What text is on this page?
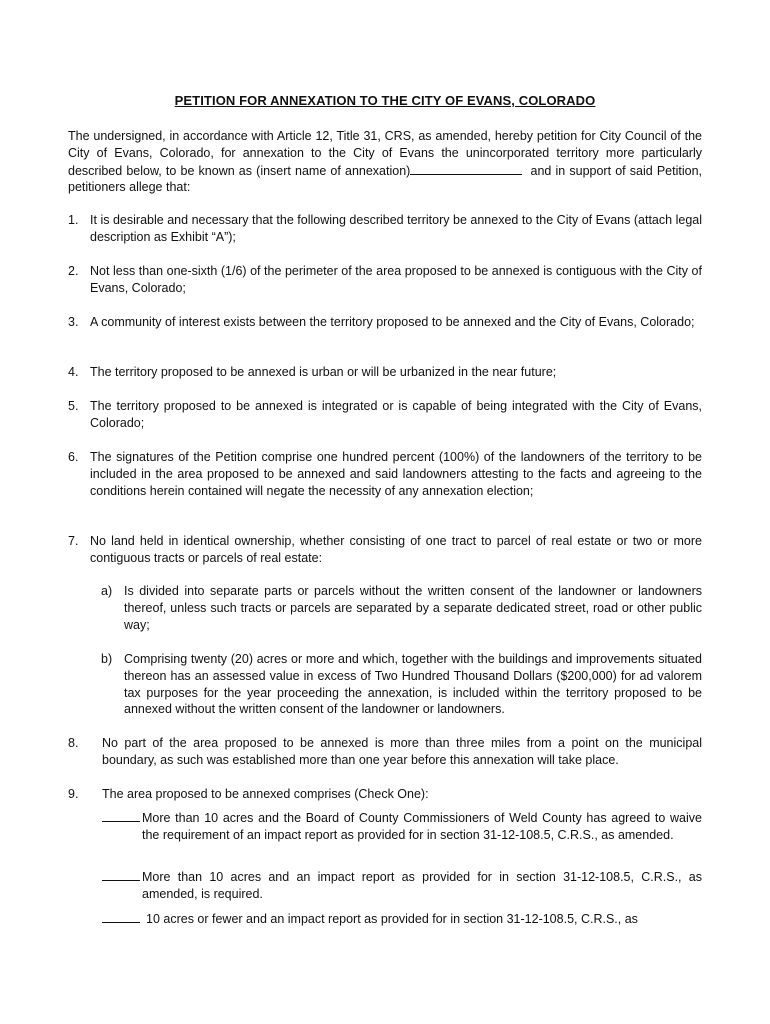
PETITION FOR ANNEXATION TO THE CITY OF EVANS, COLORADO
The undersigned, in accordance with Article 12, Title 31, CRS, as amended, hereby petition for City Council of the City of Evans, Colorado, for annexation to the City of Evans the unincorporated territory more particularly described below, to be known as (insert name of annexation)	and in support of said Petition, petitioners allege that:
1. It is desirable and necessary that the following described territory be annexed to the City of Evans (attach legal description as Exhibit “A”);
2. Not less than one-sixth (1/6) of the perimeter of the area proposed to be annexed is contiguous with the City of Evans, Colorado;
3. A community of interest exists between the territory proposed to be annexed and the City of Evans, Colorado;
4. The territory proposed to be annexed is urban or will be urbanized in the near future;
5. The territory proposed to be annexed is integrated or is capable of being integrated with the City of Evans, Colorado;
6. The signatures of the Petition comprise one hundred percent (100%) of the landowners of the territory to be included in the area proposed to be annexed and said landowners attesting to the facts and agreeing to the conditions herein contained will negate the necessity of any annexation election;
7. No land held in identical ownership, whether consisting of one tract to parcel of real estate or two or more contiguous tracts or parcels of real estate:
a) Is divided into separate parts or parcels without the written consent of the landowner or landowners thereof, unless such tracts or parcels are separated by a separate dedicated street, road or other public way;
b) Comprising twenty (20) acres or more and which, together with the buildings and improvements situated thereon has an assessed value in excess of Two Hundred Thousand Dollars ($200,000) for ad valorem tax purposes for the year proceeding the annexation, is included within the territory proposed to be annexed without the written consent of the landowner or landowners.
8. No part of the area proposed to be annexed is more than three miles from a point on the municipal boundary, as such was established more than one year before this annexation will take place.
9. The area proposed to be annexed comprises (Check One):
More than 10 acres and the Board of County Commissioners of Weld County has agreed to waive the requirement of an impact report as provided for in section 31-12-108.5, C.R.S., as amended.
More than 10 acres and an impact report as provided for in section 31-12-108.5, C.R.S., as amended, is required.
10 acres or fewer and an impact report as provided for in section 31-12-108.5, C.R.S., as
